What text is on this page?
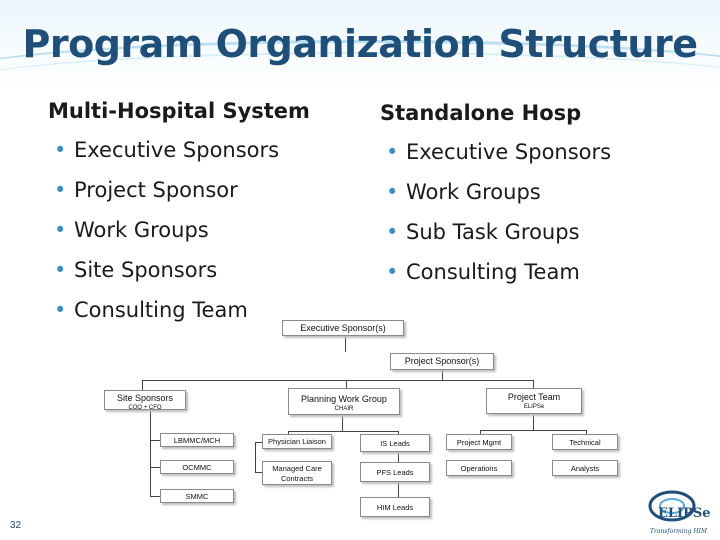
Program Organization Structure
Multi-Hospital System
• Executive Sponsors
• Project Sponsor
• Work Groups
• Site Sponsors
• Consulting Team
Standalone Hosp
• Executive Sponsors
• Work Groups
• Sub Task Groups
• Consulting Team
Executive Sponsor(s)
Project Sponsor(s)
Site Sponsors
COO + CFO
Planning Work Group
CHAIR
Project Team
ELIPSe
LBMMC/MCH
OCMMC
SMMC
Physician Liaison
Managed Care Contracts
IS Leads
PFS Leads
HIM Leads
Project Mgmt
Operations
Technical
Analysts
32
ELIPSe
Transforming HIM
